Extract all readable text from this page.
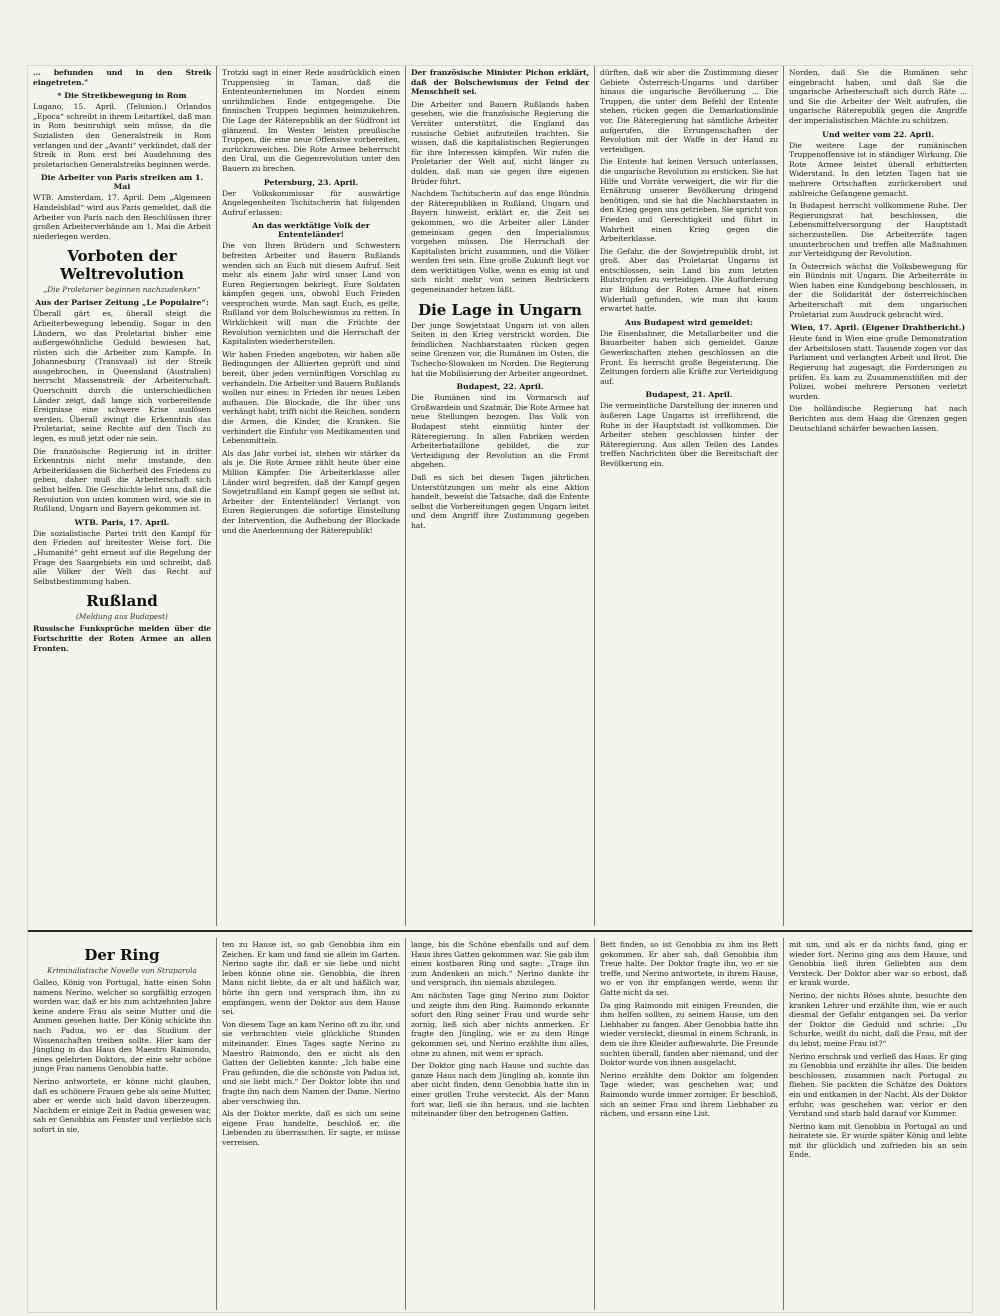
... befunden und in den Streik eingetreten.“

* Die Streikbewegung in Rom

Lugano, 15. April. (Telunion.) Orlandos „Epoca“ schreibt in ihrem Leitartikel, daß man in Rom beunruhigt sein müsse, da die Sozialisten den Generalstreik in Rom verlangen und der „Avanti“ verkündet, daß der Streik in Rom erst bei Ausdehnung des proletarischen Generalstreiks beginnen werde.

Die Arbeiter von Paris streiken am 1. Mai

WTB. Amsterdam, 17. April. Dem „Algemeen Handelsblad“ wird aus Paris gemeldet, daß die Arbeiter von Paris nach den Beschlüssen ihrer großen Arbeiterverbände am 1. Mai die Arbeit niederlegen werden.

Vorboten der Weltrevolution
„Die Proletarier beginnen nachzudenken“
Aus der Pariser Zeitung „Le Populaire“:

Überall gärt es, überall steigt die Arbeiterbewegung lebendig. Sogar in den Ländern, wo das Proletariat bisher eine außergewöhnliche Geduld bewiesen hat, rüsten sich die Arbeiter zum Kampfe. In Johannesburg (Transvaal) ist der Streik ausgebrochen, in Queensland (Australien) herrscht Massenstreik der Arbeiterschaft. Querschnitt durch die unterschiedlichen Länder zeigt, daß lange sich vorbereitende Ereignisse eine schwere Krise auslösen werden. Überall zwingt die Erkenntnis das Proletariat, seine Rechte auf den Tisch zu legen, es muß jetzt oder nie sein.

Die französische Regierung ist in dritter Erkenntnis nicht mehr imstande, den Arbeiterklassen die Sicherheit des Friedens zu geben, daher muß die Arbeiterschaft sich selbst helfen. Die Geschichte lehrt uns, daß die Revolution von unten kommen wird, wie sie in Rußland, Ungarn und Bayern gekommen ist.

WTB. Paris, 17. April.

Die sozialistische Partei tritt den Kampf für den Frieden auf breitester Weise fort. Die „Humanité“ geht erneut auf die Regelung der Frage des Saargebiets ein und schreibt, daß alle Völker der Welt das Recht auf Selbstbestimmung haben.

Rußland
(Meldung aus Budapest)

Russische Funksprüche melden über die Fortschritte der Roten Armee an allen Fronten.

Trotzki sagt in einer Rede ausdrücklich einen Truppensieg in Taman, daß die Ententeunternehmen im Norden einem unrühmlichen Ende entgegengehe. Die finnischen Truppen beginnen heimzukehren. Die Lage der Räterepublik an der Südfront ist glänzend. Im Westen leisten preußische Truppen, die eine neue Offensive vorbereiten, zurückzuweichen. Die Rote Armee beherrscht den Ural, um die Gegenrevolution unter den Bauern zu brechen.

Petersburg, 23. April.

Der Volkskommissar für auswärtige Angelegenheiten Tschitscherin hat folgenden Aufruf erlassen:

An das werktätige Volk der Ententeländer!

Die von Ihren Brüdern und Schwestern befreiten Arbeiter und Bauern Rußlands wenden sich an Euch mit diesem Aufruf. Seit mehr als einem Jahr wird unser Land von Euren Regierungen bekriegt. Eure Soldaten kämpfen gegen uns, obwohl Euch Frieden versprochen wurde. Man sagt Euch, es gelte, Rußland vor dem Bolschewismus zu retten. In Wirklichkeit will man die Früchte der Revolution vernichten und die Herrschaft der Kapitalisten wiederherstellen.

Wir haben Frieden angeboten, wir haben alle Bedingungen der Alliierten geprüft und sind bereit, über jeden vernünftigen Vorschlag zu verhandeln. Die Arbeiter und Bauern Rußlands wollen nur eines: in Frieden ihr neues Leben aufbauen. Die Blockade, die Ihr über uns verhängt habt, trifft nicht die Reichen, sondern die Armen, die Kinder, die Kranken. Sie verhindert die Einfuhr von Medikamenten und Lebensmitteln.

Als das Jahr vorbei ist, stehen wir stärker da als je. Die Rote Armee zählt heute über eine Million Kämpfer. Die Arbeiterklasse aller Länder wird begreifen, daß der Kampf gegen Sowjetrußland ein Kampf gegen sie selbst ist. Arbeiter der Ententeländer! Verlangt von Euren Regierungen die sofortige Einstellung der Intervention, die Aufhebung der Blockade und die Anerkennung der Räterepublik!

Der französische Minister Pichon erklärt, daß der Bolschewismus der Feind der Menschheit sei.

Die Arbeiter und Bauern Rußlands haben gesehen, wie die französische Regierung die Verräter unterstützt, die England das russische Gebiet aufzuteilen trachten. Sie wissen, daß die kapitalistischen Regierungen für ihre Interessen kämpfen. Wir rufen die Proletarier der Welt auf, nicht länger zu dulden, daß man sie gegen ihre eigenen Brüder führt.

Nachdem Tschitscherin auf das enge Bündnis der Räterepubliken in Rußland, Ungarn und Bayern hinweist, erklärt er, die Zeit sei gekommen, wo die Arbeiter aller Länder gemeinsam gegen den Imperialismus vorgehen müssen. Die Herrschaft der Kapitalisten bricht zusammen, und die Völker werden frei sein. Eine große Zukunft liegt vor dem werktätigen Volke, wenn es einig ist und sich nicht mehr von seinen Bedrückern gegeneinander hetzen läßt.

Die Lage in Ungarn

Der junge Sowjetstaat Ungarn ist von allen Seiten in den Krieg verstrickt worden. Die feindlichen Nachbarstaaten rücken gegen seine Grenzen vor, die Rumänen im Osten, die Tschecho-Slowaken im Norden. Die Regierung hat die Mobilisierung der Arbeiter angeordnet.

Budapest, 22. April.

Die Rumänen sind im Vormarsch auf Großwardein und Szatmár. Die Rote Armee hat neue Stellungen bezogen. Das Volk von Budapest steht einmütig hinter der Räteregierung. In allen Fabriken werden Arbeiterbataillone gebildet, die zur Verteidigung der Revolution an die Front abgehen.

Daß es sich bei diesen Tagen jährlichen Unterstützungen um mehr als eine Aktion handelt, beweist die Tatsache, daß die Entente selbst die Vorbereitungen gegen Ungarn leitet und dem Angriff ihre Zustimmung gegeben hat.

dürften, daß wir aber die Zustimmung dieser Gebiete Österreich-Ungarns und darüber hinaus die ungarische Bevölkerung ... Die Truppen, die unter dem Befehl der Entente stehen, rücken gegen die Demarkationslinie vor. Die Räteregierung hat sämtliche Arbeiter aufgerufen, die Errungenschaften der Revolution mit der Waffe in der Hand zu verteidigen.

Die Entente hat keinen Versuch unterlassen, die ungarische Revolution zu ersticken. Sie hat Hilfe und Vorräte verweigert, die wir für die Ernährung unserer Bevölkerung dringend benötigen, und sie hat die Nachbarstaaten in den Krieg gegen uns getrieben. Sie spricht von Frieden und Gerechtigkeit und führt in Wahrheit einen Krieg gegen die Arbeiterklasse.

Die Gefahr, die der Sowjetrepublik droht, ist groß. Aber das Proletariat Ungarns ist entschlossen, sein Land bis zum letzten Blutstropfen zu verteidigen. Die Aufforderung zur Bildung der Roten Armee hat einen Widerhall gefunden, wie man ihn kaum erwartet hatte.

Aus Budapest wird gemeldet:

Die Eisenbahner, die Metallarbeiter und die Bauarbeiter haben sich gemeldet. Ganze Gewerkschaften ziehen geschlossen an die Front. Es herrscht große Begeisterung. Die Zeitungen fordern alle Kräfte zur Verteidigung auf.

Budapest, 21. April.

Die vermeintliche Darstellung der inneren und äußeren Lage Ungarns ist irreführend, die Ruhe in der Hauptstadt ist vollkommen. Die Arbeiter stehen geschlossen hinter der Räteregierung. Aus allen Teilen des Landes treffen Nachrichten über die Bereitschaft der Bevölkerung ein.

Norden, daß Sie die Rumänen sehr eingebracht haben, und daß Sie die ungarische Arbeiterschaft sich durch Räte ... und Sie die Arbeiter der Welt aufrufen, die ungarische Räterepublik gegen die Angriffe der imperialistischen Mächte zu schützen.

Und weiter vom 22. April.

Die weitere Lage der rumänischen Truppenoffensive ist in ständiger Wirkung. Die Rote Armee leistet überall erbitterten Widerstand. In den letzten Tagen hat sie mehrere Ortschaften zurückerobert und zahlreiche Gefangene gemacht.

In Budapest herrscht vollkommene Ruhe. Der Regierungsrat hat beschlossen, die Lebensmittelversorgung der Hauptstadt sicherzustellen. Die Arbeiterräte tagen ununterbrochen und treffen alle Maßnahmen zur Verteidigung der Revolution.

In Österreich wächst die Volksbewegung für ein Bündnis mit Ungarn. Die Arbeiterräte in Wien haben eine Kundgebung beschlossen, in der die Solidarität der österreichischen Arbeiterschaft mit dem ungarischen Proletariat zum Ausdruck gebracht wird.

Wien, 17. April. (Eigener Drahtbericht.)

Heute fand in Wien eine große Demonstration der Arbeitslosen statt. Tausende zogen vor das Parlament und verlangten Arbeit und Brot. Die Regierung hat zugesagt, die Forderungen zu prüfen. Es kam zu Zusammenstößen mit der Polizei, wobei mehrere Personen verletzt wurden.

Die holländische Regierung hat nach Berichten aus dem Haag die Grenzen gegen Deutschland schärfer bewachen lassen.

Der Ring
Kriminalistische Novelle von Straparola

Galleo, König von Portugal, hatte einen Sohn namens Nerino, welcher so sorgfältig erzogen worden war, daß er bis zum achtzehnten Jahre keine andere Frau als seine Mutter und die Ammen gesehen hatte. Der König schickte ihn nach Padua, wo er das Studium der Wissenschaften treiben sollte. Hier kam der Jüngling in das Haus des Maestro Raimondo, eines gelehrten Doktors, der eine sehr schöne junge Frau namens Genobbia hatte.

Nerino antwortete, er könne nicht glauben, daß es schönere Frauen gebe als seine Mutter, aber er werde sich bald davon überzeugen. Nachdem er einige Zeit in Padua gewesen war, sah er Genobbia am Fenster und verliebte sich sofort in sie.

ten zu Hause ist, so gab Genobbia ihm ein Zeichen. Er kam und fand sie allein im Garten. Nerino sagte ihr, daß er sie liebe und nicht leben könne ohne sie. Genobbia, die ihren Mann nicht liebte, da er alt und häßlich war, hörte ihn gern und versprach ihm, ihn zu empfangen, wenn der Doktor aus dem Hause sei.

Von diesem Tage an kam Nerino oft zu ihr, und sie verbrachten viele glückliche Stunden miteinander. Eines Tages sagte Nerino zu Maestro Raimondo, den er nicht als den Gatten der Geliebten kannte: „Ich habe eine Frau gefunden, die die schönste von Padua ist, und sie liebt mich.“ Der Doktor lobte ihn und fragte ihn nach dem Namen der Dame. Nerino aber verschwieg ihn.

Als der Doktor merkte, daß es sich um seine eigene Frau handelte, beschloß er, die Liebenden zu überraschen. Er sagte, er müsse verreisen.

lange, bis die Schöne ebenfalls und auf dem Haus ihres Gatten gekommen war. Sie gab ihm einen kostbaren Ring und sagte: „Trage ihn zum Andenken an mich.“ Nerino dankte ihr und versprach, ihn niemals abzulegen.

Am nächsten Tage ging Nerino zum Doktor und zeigte ihm den Ring. Raimondo erkannte sofort den Ring seiner Frau und wurde sehr zornig, ließ sich aber nichts anmerken. Er fragte den Jüngling, wie er zu dem Ringe gekommen sei, und Nerino erzählte ihm alles, ohne zu ahnen, mit wem er sprach.

Der Doktor ging nach Hause und suchte das ganze Haus nach dem Jüngling ab, konnte ihn aber nicht finden, denn Genobbia hatte ihn in einer großen Truhe versteckt. Als der Mann fort war, ließ sie ihn heraus, und sie lachten miteinander über den betrogenen Gatten.

Bett finden, so ist Genobbia zu ihm ins Bett gekommen. Er aber sah, daß Genobbia ihm Treue halte. Der Doktor fragte ihn, wo er sie treffe, und Nerino antwortete, in ihrem Hause, wo er von ihr empfangen werde, wenn ihr Gatte nicht da sei.

Da ging Raimondo mit einigen Freunden, die ihm helfen sollten, zu seinem Hause, um den Liebhaber zu fangen. Aber Genobbia hatte ihn wieder versteckt, diesmal in einem Schrank, in dem sie ihre Kleider aufbewahrte. Die Freunde suchten überall, fanden aber niemand, und der Doktor wurde von ihnen ausgelacht.

Nerino erzählte dem Doktor am folgenden Tage wieder, was geschehen war, und Raimondo wurde immer zorniger. Er beschloß, sich an seiner Frau und ihrem Liebhaber zu rächen, und ersann eine List.

mit um, und als er da nichts fand, ging er wieder fort. Nerino ging aus dem Hause, und Genobbia ließ ihren Geliebten aus dem Versteck. Der Doktor aber war so erbost, daß er krank wurde.

Nerino, der nichts Böses ahnte, besuchte den kranken Lehrer und erzählte ihm, wie er auch diesmal der Gefahr entgangen sei. Da verlor der Doktor die Geduld und schrie: „Du Schurke, weißt du nicht, daß die Frau, mit der du lebst, meine Frau ist?“

Nerino erschrak und verließ das Haus. Er ging zu Genobbia und erzählte ihr alles. Die beiden beschlossen, zusammen nach Portugal zu fliehen. Sie packten die Schätze des Doktors ein und entkamen in der Nacht. Als der Doktor erfuhr, was geschehen war, verlor er den Verstand und starb bald darauf vor Kummer.

Nerino kam mit Genobbia in Portugal an und heiratete sie. Er wurde später König und lebte mit ihr glücklich und zufrieden bis an sein Ende.
